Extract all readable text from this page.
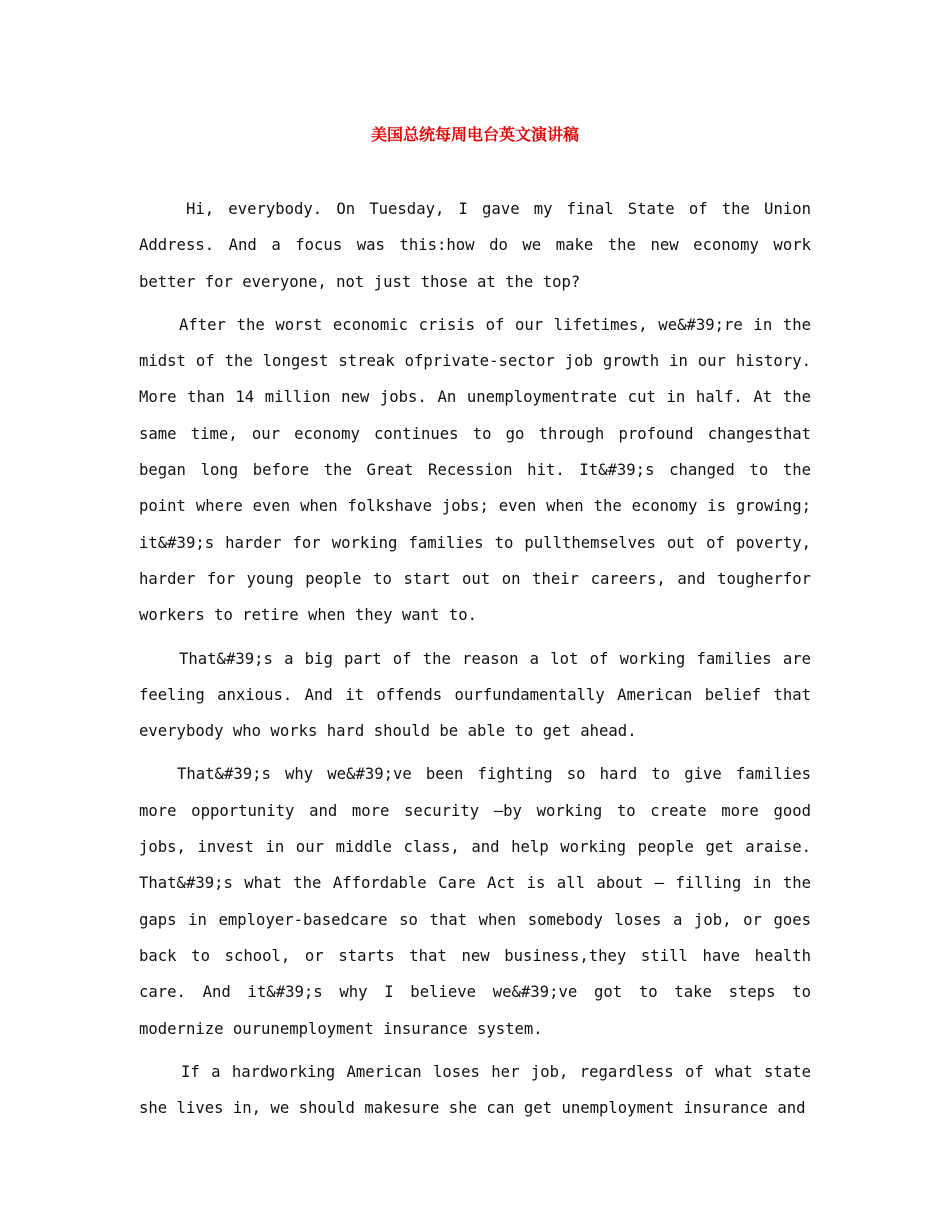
美国总统每周电台英文演讲稿

Hi, everybody. On Tuesday, I gave my final State of the Union Address. And a focus was this:how do we make the new economy work better for everyone, not just those at the top?

After the worst economic crisis of our lifetimes, we&#39;re in the midst of the longest streak ofprivate-sector job growth in our history. More than 14 million new jobs. An unemploymentrate cut in half. At the same time, our economy continues to go through profound changesthat began long before the Great Recession hit. It&#39;s changed to the point where even when folkshave jobs; even when the economy is growing; it&#39;s harder for working families to pullthemselves out of poverty, harder for young people to start out on their careers, and tougherfor workers to retire when they want to.

That&#39;s a big part of the reason a lot of working families are feeling anxious. And it offends ourfundamentally American belief that everybody who works hard should be able to get ahead.

That&#39;s why we&#39;ve been fighting so hard to give families more opportunity and more security –by working to create more good jobs, invest in our middle class, and help working people get araise. That&#39;s what the Affordable Care Act is all about – filling in the gaps in employer-basedcare so that when somebody loses a job, or goes back to school, or starts that new business,they still have health care. And it&#39;s why I believe we&#39;ve got to take steps to modernize ourunemployment insurance system.

If a hardworking American loses her job, regardless of what state she lives in, we should makesure she can get unemployment insurance and
